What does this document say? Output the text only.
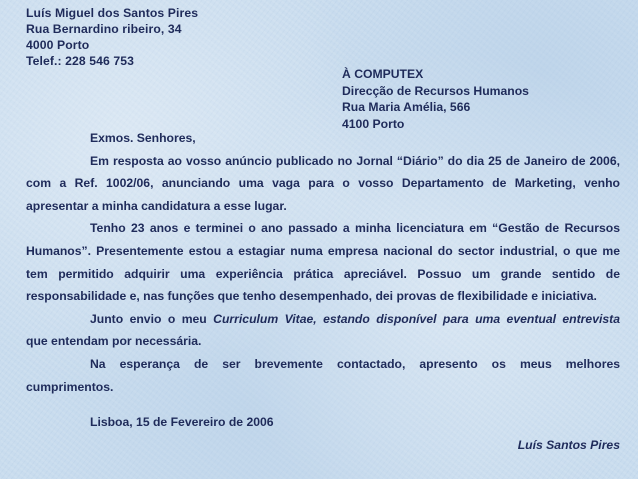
Luís Miguel dos Santos Pires
Rua Bernardino ribeiro, 34
4000 Porto
Telef.: 228 546 753
À COMPUTEX
Direcção de Recursos Humanos
Rua Maria Amélia, 566
4100 Porto
Exmos. Senhores,
Em resposta ao vosso anúncio publicado no Jornal “Diário” do dia 25 de Janeiro de 2006,
com a Ref. 1002/06, anunciando uma vaga para o vosso Departamento de Marketing, venho
apresentar a minha candidatura a esse lugar.
Tenho 23 anos e terminei o ano passado a minha licenciatura em “Gestão de Recursos
Humanos”. Presentemente estou a estagiar numa empresa nacional do sector industrial, o que me
tem permitido adquirir uma experiência prática apreciável. Possuo um grande sentido de
responsabilidade e, nas funções que tenho desempenhado, dei provas de flexibilidade e iniciativa.
Junto envio o meu Curriculum Vitae, estando disponível para uma eventual entrevista
que entendam por necessária.
Na esperança de ser brevemente contactado, apresento os meus melhores
cumprimentos.
Lisboa, 15 de Fevereiro de 2006
Luís Santos Pires
